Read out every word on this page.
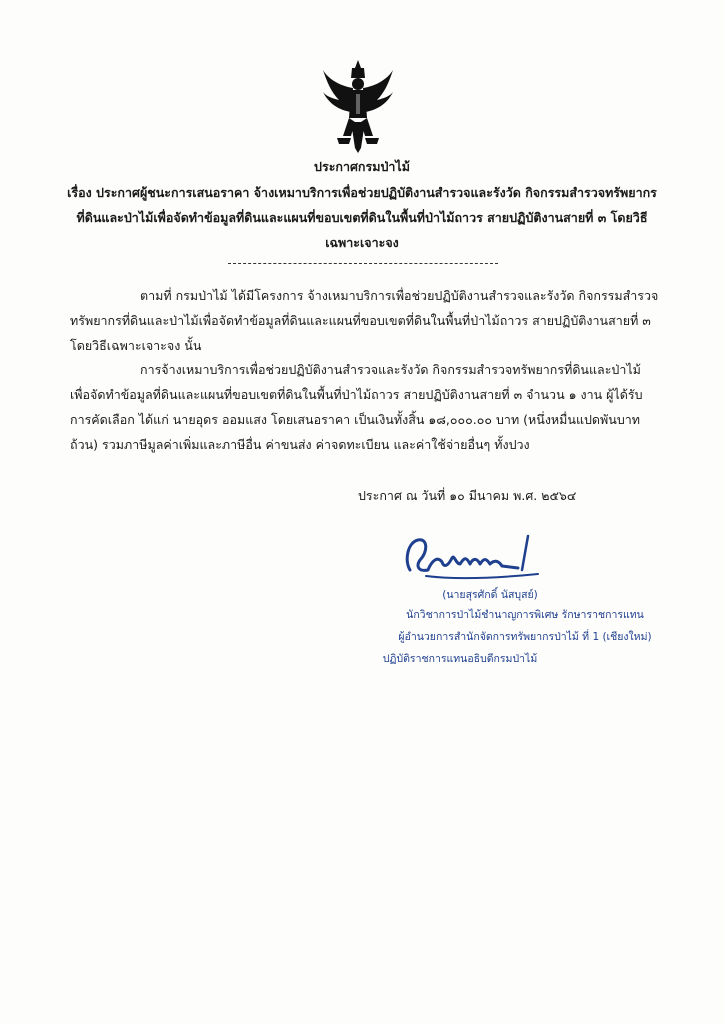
ประกาศกรมป่าไม้
เรื่อง ประกาศผู้ชนะการเสนอราคา จ้างเหมาบริการเพื่อช่วยปฏิบัติงานสำรวจและรังวัด กิจกรรมสำรวจทรัพยากรที่ดินและป่าไม้เพื่อจัดทำข้อมูลที่ดินและแผนที่ขอบเขตที่ดินในพื้นที่ป่าไม้ถาวร สายปฏิบัติงานสายที่ ๓ โดยวิธีเฉพาะเจาะจง

ตามที่ กรมป่าไม้ ได้มีโครงการ จ้างเหมาบริการเพื่อช่วยปฏิบัติงานสำรวจและรังวัด กิจกรรมสำรวจทรัพยากรที่ดินและป่าไม้เพื่อจัดทำข้อมูลที่ดินและแผนที่ขอบเขตที่ดินในพื้นที่ป่าไม้ถาวร สายปฏิบัติงานสายที่ ๓ โดยวิธีเฉพาะเจาะจง นั้น

การจ้างเหมาบริการเพื่อช่วยปฏิบัติงานสำรวจและรังวัด กิจกรรมสำรวจทรัพยากรที่ดินและป่าไม้เพื่อจัดทำข้อมูลที่ดินและแผนที่ขอบเขตที่ดินในพื้นที่ป่าไม้ถาวร สายปฏิบัติงานสายที่ ๓ จำนวน ๑ งาน ผู้ได้รับการคัดเลือก ได้แก่ นายอุดร ออมแสง โดยเสนอราคา เป็นเงินทั้งสิ้น ๑๘,๐๐๐.๐๐ บาท (หนึ่งหมื่นแปดพันบาทถ้วน) รวมภาษีมูลค่าเพิ่มและภาษีอื่น ค่าขนส่ง ค่าจดทะเบียน และค่าใช้จ่ายอื่นๆ ทั้งปวง

ประกาศ ณ วันที่ ๑๐ มีนาคม พ.ศ. ๒๕๖๔
(นายสุรศักดิ์ นัสบุสย์)
นักวิชาการป่าไม้ชำนาญการพิเศษ รักษาราชการแทน
ผู้อำนวยการสำนักจัดการทรัพยากรป่าไม้ ที่ 1 (เชียงใหม่)
ปฏิบัติราชการแทนอธิบดีกรมป่าไม้
